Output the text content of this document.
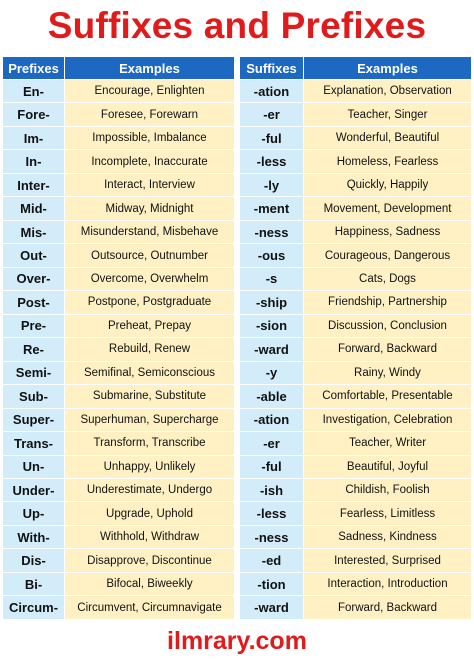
Suffixes and Prefixes
Prefixes	Examples
En-	Encourage, Enlighten
Fore-	Foresee, Forewarn
Im-	Impossible, Imbalance
In-	Incomplete, Inaccurate
Inter-	Interact, Interview
Mid-	Midway, Midnight
Mis-	Misunderstand, Misbehave
Out-	Outsource, Outnumber
Over-	Overcome, Overwhelm
Post-	Postpone, Postgraduate
Pre-	Preheat, Prepay
Re-	Rebuild, Renew
Semi-	Semifinal, Semiconscious
Sub-	Submarine, Substitute
Super-	Superhuman, Supercharge
Trans-	Transform, Transcribe
Un-	Unhappy, Unlikely
Under-	Underestimate, Undergo
Up-	Upgrade, Uphold
With-	Withhold, Withdraw
Dis-	Disapprove, Discontinue
Bi-	Bifocal, Biweekly
Circum-	Circumvent, Circumnavigate
Suffixes	Examples
-ation	Explanation, Observation
-er	Teacher, Singer
-ful	Wonderful, Beautiful
-less	Homeless, Fearless
-ly	Quickly, Happily
-ment	Movement, Development
-ness	Happiness, Sadness
-ous	Courageous, Dangerous
-s	Cats, Dogs
-ship	Friendship, Partnership
-sion	Discussion, Conclusion
-ward	Forward, Backward
-y	Rainy, Windy
-able	Comfortable, Presentable
-ation	Investigation, Celebration
-er	Teacher, Writer
-ful	Beautiful, Joyful
-ish	Childish, Foolish
-less	Fearless, Limitless
-ness	Sadness, Kindness
-ed	Interested, Surprised
-tion	Interaction, Introduction
-ward	Forward, Backward
ilmrary.com
